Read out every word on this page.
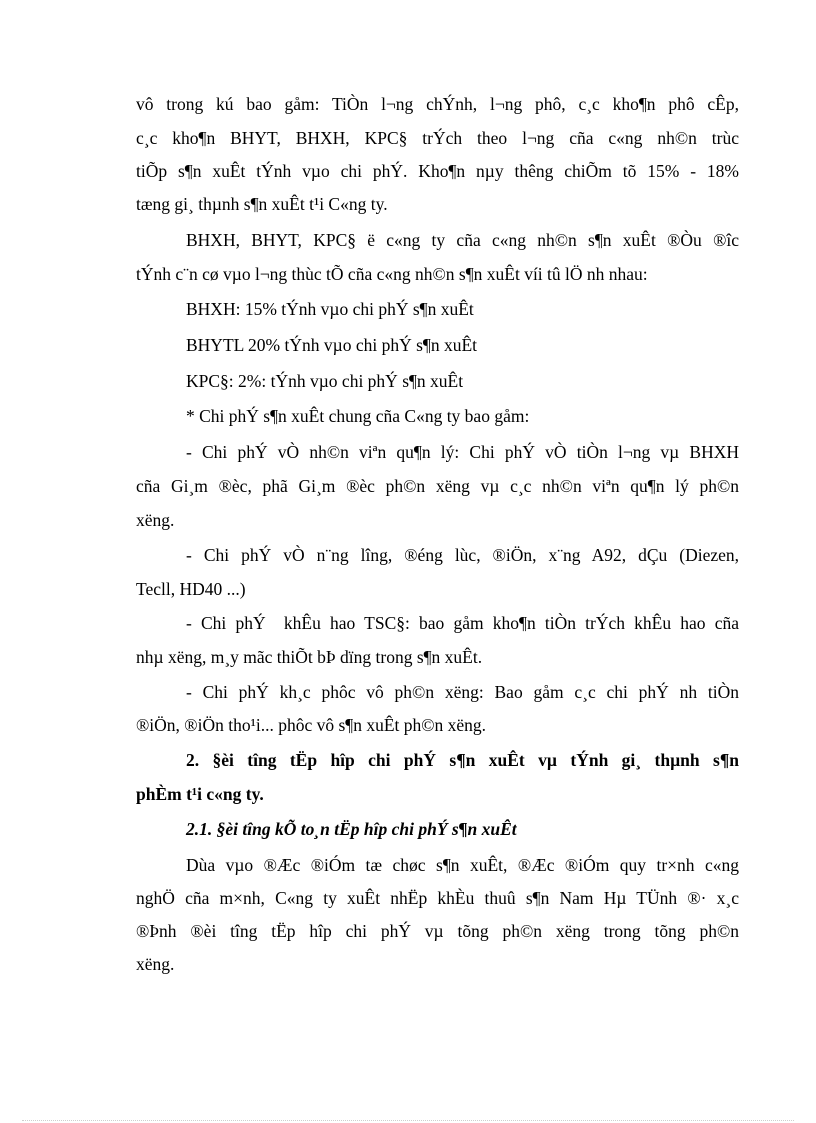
vô trong kú bao gåm: TiÒn l¬ng chÝnh, l¬ng phô, c¸c kho¶n phô cÊp,
c¸c kho¶n BHYT, BHXH, KPC§ trÝch theo l¬ng cña c«ng nh©n trùc
tiÕp s¶n xuÊt tÝnh vµo chi phÝ. Kho¶n nµy thêng chiÕm tõ 15% - 18%
tæng gi¸ thµnh s¶n xuÊt t¹i C«ng ty.
BHXH, BHYT, KPC§ ë c«ng ty cña c«ng nh©n s¶n xuÊt ®Òu ®îc
tÝnh c¨n cø vµo l¬ng thùc tÕ cña c«ng nh©n s¶n xuÊt víi tû lÖ nh nhau:
BHXH: 15% tÝnh vµo chi phÝ s¶n xuÊt
BHYTL 20% tÝnh vµo chi phÝ s¶n xuÊt
KPC§: 2%: tÝnh vµo chi phÝ s¶n xuÊt
* Chi phÝ s¶n xuÊt chung cña C«ng ty bao gåm:
- Chi phÝ vÒ nh©n viªn qu¶n lý: Chi phÝ vÒ tiÒn l¬ng vµ BHXH
cña Gi¸m ®èc, phã Gi¸m ®èc ph©n xëng vµ c¸c nh©n viªn qu¶n lý ph©n
xëng.
- Chi phÝ vÒ n¨ng lîng, ®éng lùc, ®iÖn, x¨ng A92, dÇu (Diezen,
Tecll, HD40 ...)
- Chi phÝ  khÊu hao TSC§: bao gåm kho¶n tiÒn trÝch khÊu hao cña
nhµ xëng, m¸y mãc thiÕt bÞ dïng trong s¶n xuÊt.
- Chi phÝ kh¸c phôc vô ph©n xëng: Bao gåm c¸c chi phÝ nh tiÒn
®iÖn, ®iÖn tho¹i... phôc vô s¶n xuÊt ph©n xëng.
2. §èi tîng tËp hîp chi phÝ s¶n xuÊt vµ tÝnh gi¸ thµnh s¶n
phÈm t¹i c«ng ty.
2.1. §èi tîng kÕ to¸n tËp hîp chi phÝ s¶n xuÊt
Dùa vµo ®Æc ®iÓm tæ chøc s¶n xuÊt, ®Æc ®iÓm quy tr×nh c«ng
nghÖ cña m×nh, C«ng ty xuÊt nhËp khÈu thuû s¶n Nam Hµ TÜnh ®· x¸c
®Þnh ®èi tîng tËp hîp chi phÝ vµ tõng ph©n xëng trong tõng ph©n
xëng.
